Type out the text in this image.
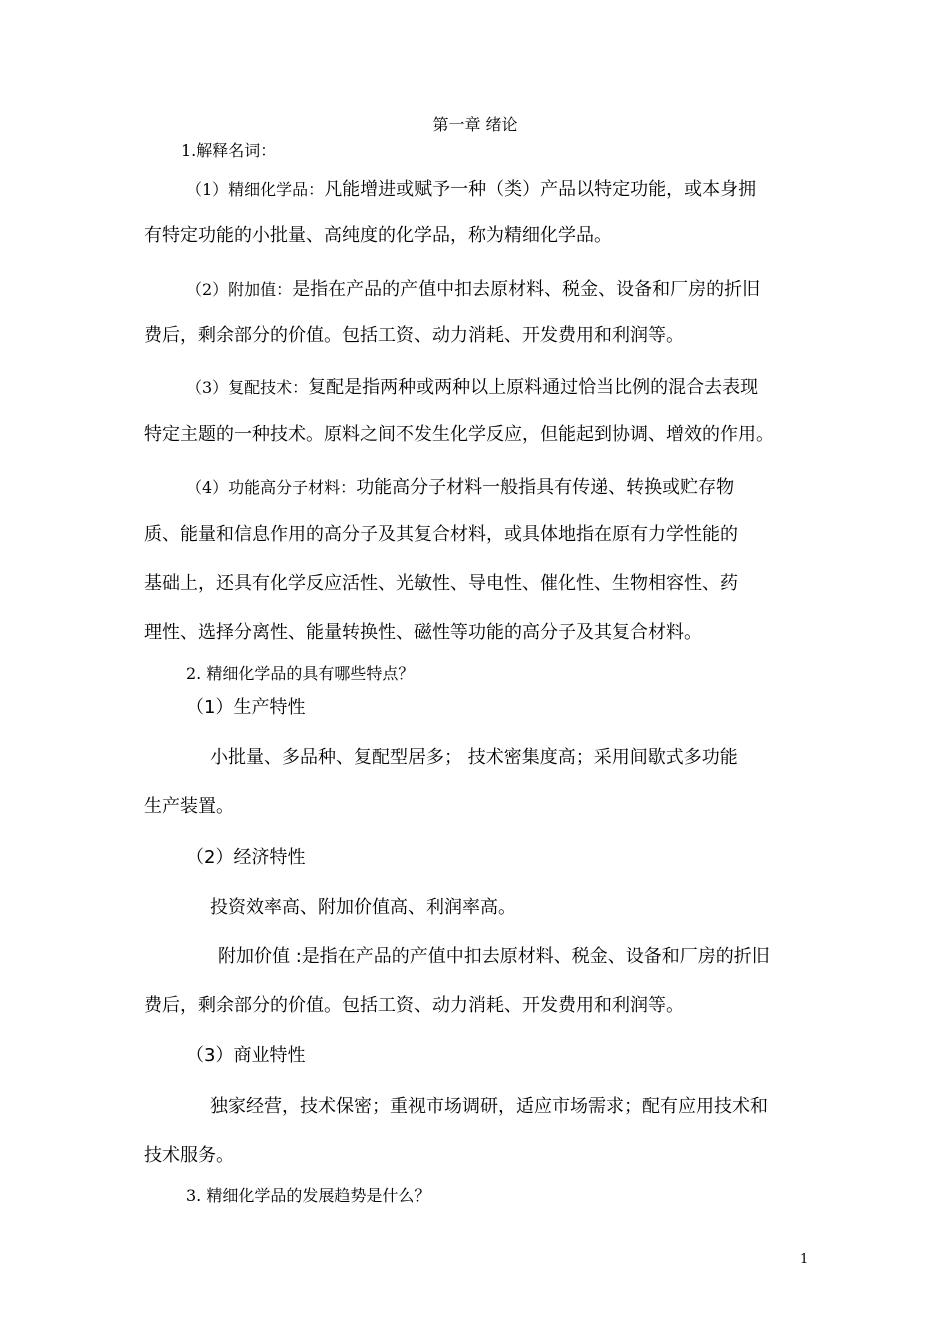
第一章 绪论
1.解释名词：
（1）精细化学品：凡能增进或赋予一种（类）产品以特定功能，或本身拥
有特定功能的小批量、高纯度的化学品，称为精细化学品。
（2）附加值：是指在产品的产值中扣去原材料、税金、设备和厂房的折旧
费后，剩余部分的价值。包括工资、动力消耗、开发费用和利润等。
（3）复配技术：复配是指两种或两种以上原料通过恰当比例的混合去表现
特定主题的一种技术。原料之间不发生化学反应，但能起到协调、增效的作用。
（4）功能高分子材料：功能高分子材料一般指具有传递、转换或贮存物
质、能量和信息作用的高分子及其复合材料，或具体地指在原有力学性能的
基础上，还具有化学反应活性、光敏性、导电性、催化性、生物相容性、药
理性、选择分离性、能量转换性、磁性等功能的高分子及其复合材料。
2. 精细化学品的具有哪些特点？
（1）生产特性
小批量、多品种、复配型居多； 技术密集度高；采用间歇式多功能
生产装置。
（2）经济特性
投资效率高、附加价值高、利润率高。
附加价值 :是指在产品的产值中扣去原材料、税金、设备和厂房的折旧
费后，剩余部分的价值。包括工资、动力消耗、开发费用和利润等。
（3）商业特性
独家经营，技术保密；重视市场调研，适应市场需求；配有应用技术和
技术服务。
3. 精细化学品的发展趋势是什么？
1
